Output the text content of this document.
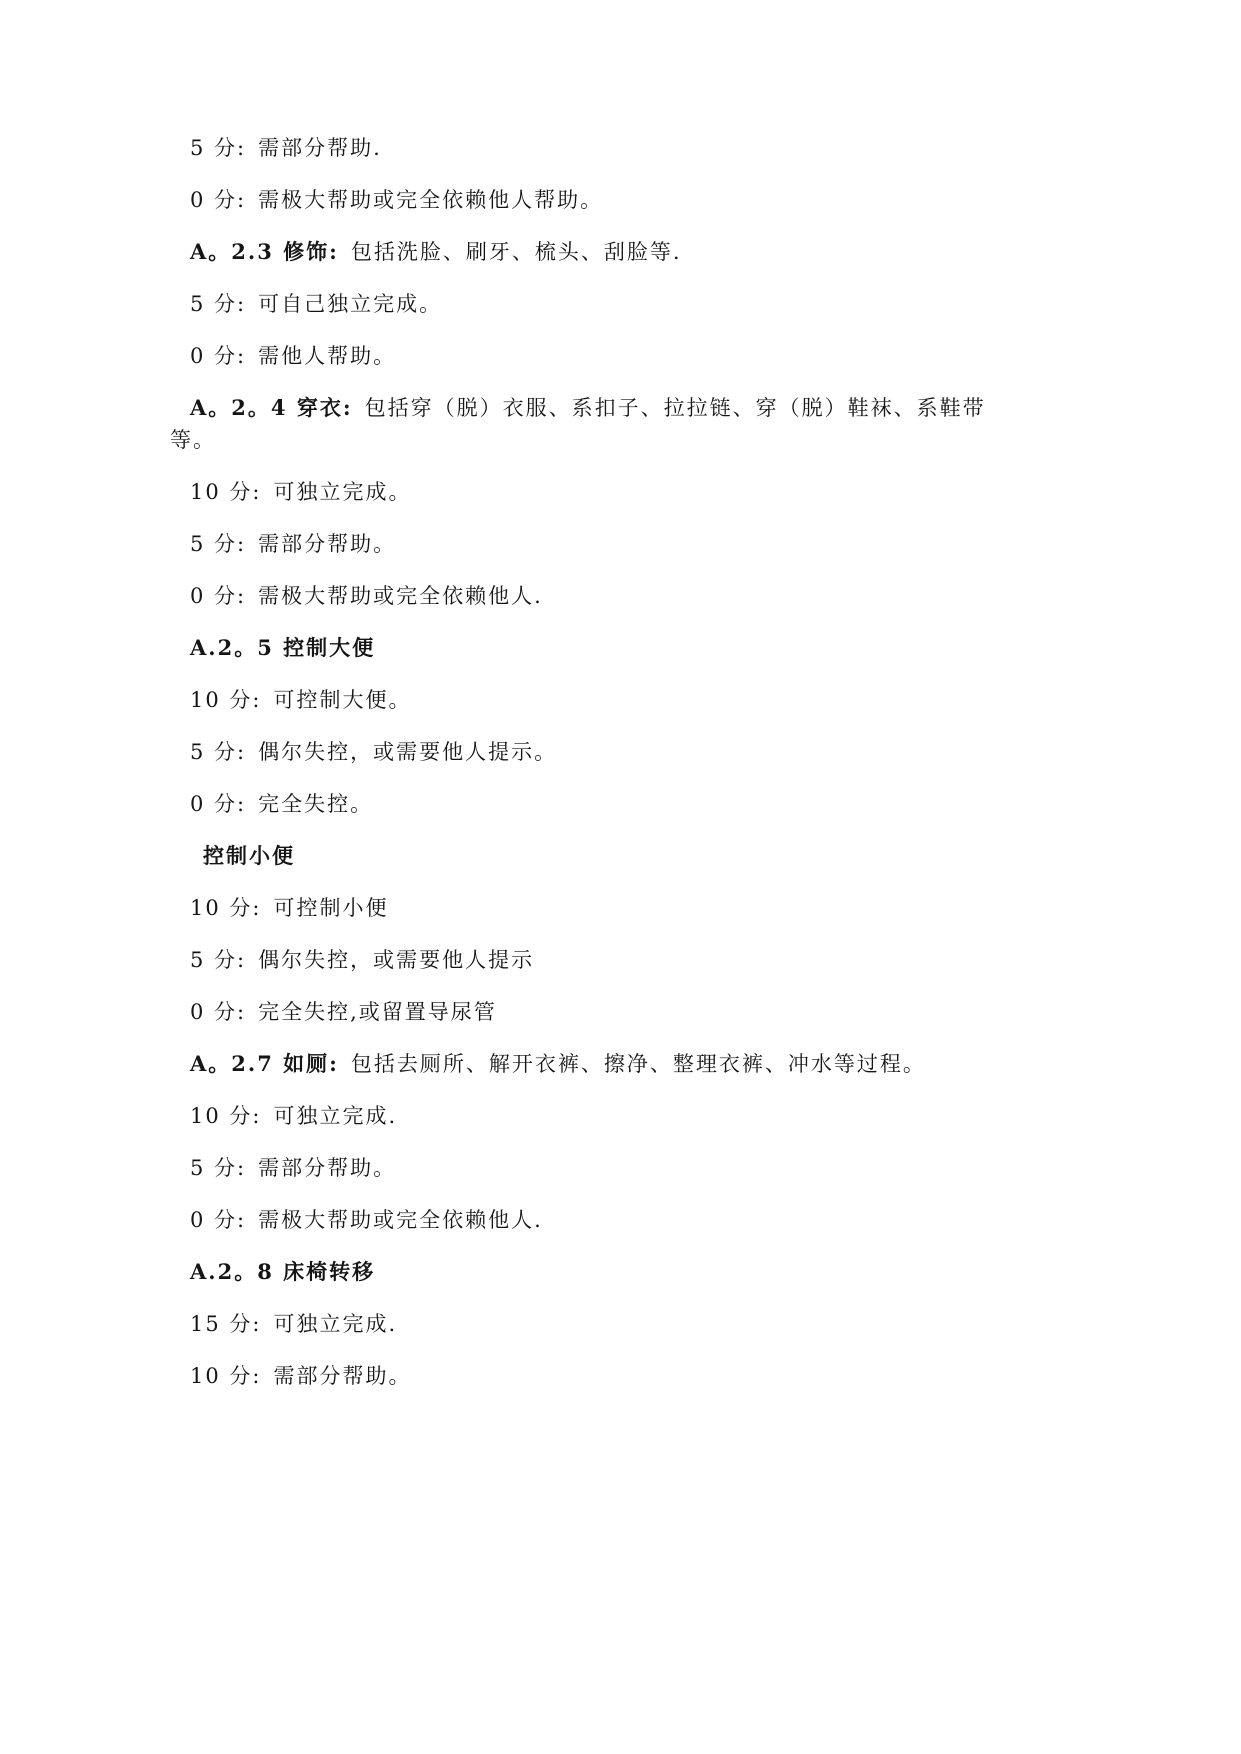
5 分: 需部分帮助.

0 分: 需极大帮助或完全依赖他人帮助。

A。2.3 修饰: 包括洗脸、刷牙、梳头、刮脸等.

5 分: 可自己独立完成。

0 分: 需他人帮助。

A。2。4 穿衣: 包括穿（脱）衣服、系扣子、拉拉链、穿（脱）鞋袜、系鞋带
等。

10 分: 可独立完成。

5 分: 需部分帮助。

0 分: 需极大帮助或完全依赖他人.

A.2。5 控制大便

10 分: 可控制大便。

5 分: 偶尔失控，或需要他人提示。

0 分: 完全失控。

控制小便

10 分: 可控制小便

5 分: 偶尔失控，或需要他人提示

0 分: 完全失控,或留置导尿管

A。2.7 如厕: 包括去厕所、解开衣裤、擦净、整理衣裤、冲水等过程。

10 分: 可独立完成.

5 分: 需部分帮助。

0 分: 需极大帮助或完全依赖他人.

A.2。8 床椅转移

15 分: 可独立完成.

10 分: 需部分帮助。
